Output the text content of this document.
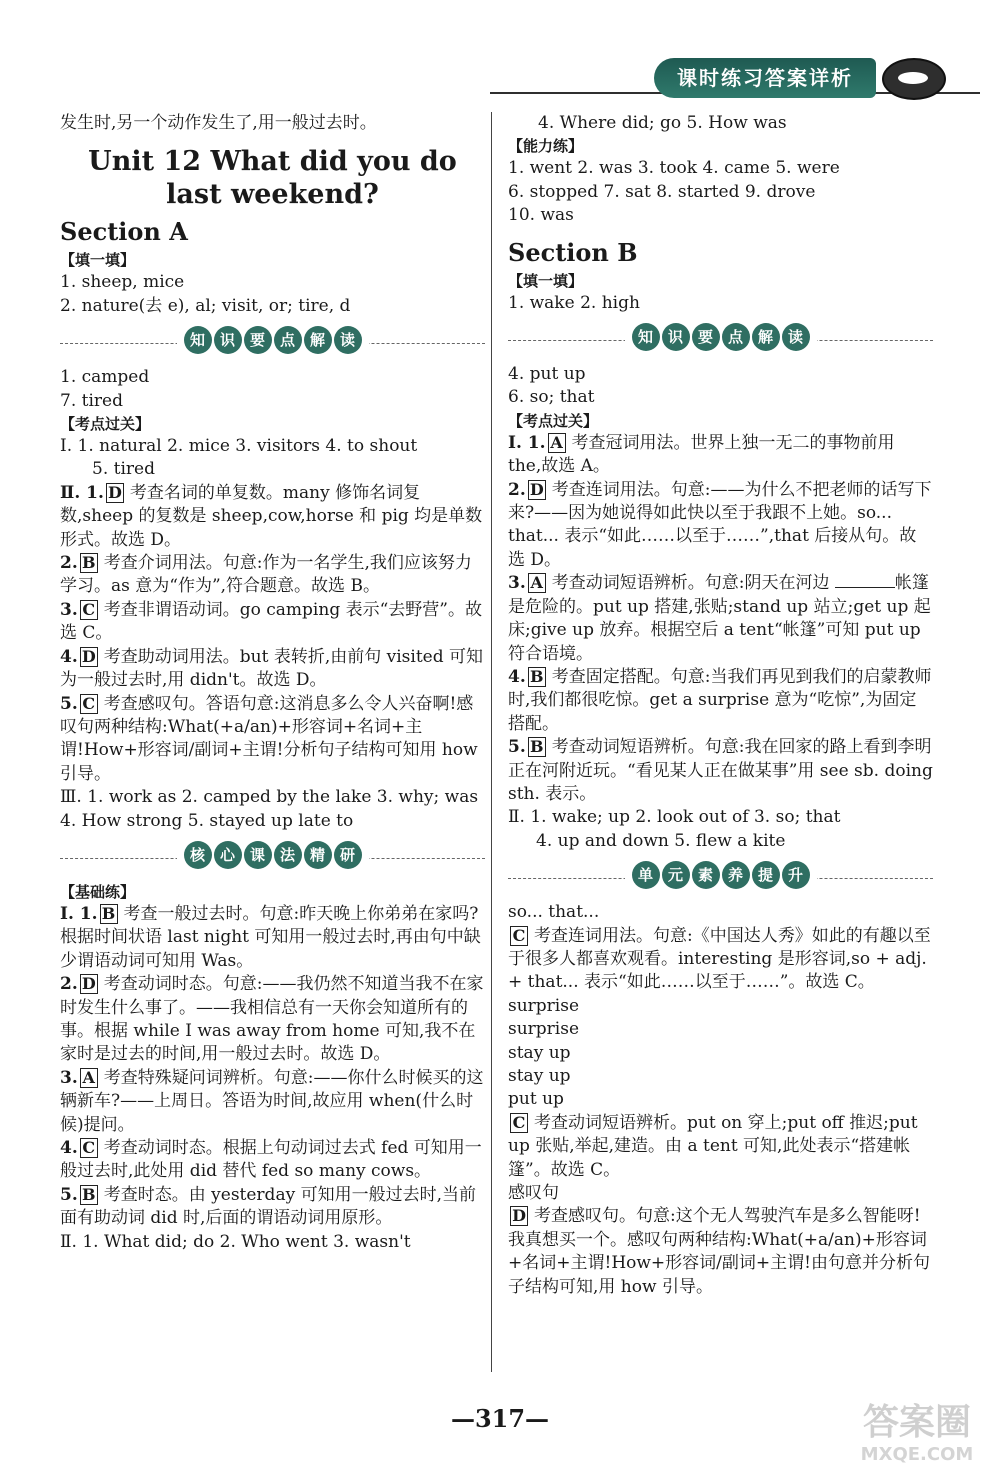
课时练习答案详析
发生时,另一个动作发生了,用一般过去时。
Unit 12 What did you do last weekend?
Section A
【填一填】
1. sheep, mice
2. nature(去 e), al; visit, or; tire, d
知 识 要 点 解 读
1. camped
7. tired
【考点过关】
Ⅰ. 1. natural 2. mice 3. visitors 4. to shout
5. tired
Ⅱ. 1. D 考查名词的单复数。many 修饰名词复数,sheep 的复数是 sheep,cow,horse 和 pig 均是单数形式。故选 D。
2. B 考查介词用法。句意:作为一名学生,我们应该努力学习。as 意为“作为”,符合题意。故选 B。
3. C 考查非谓语动词。go camping 表示“去野营”。故选 C。
4. D 考查助动词用法。but 表转折,由前句 visited 可知为一般过去时,用 didn't。故选 D。
5. C 考查感叹句。答语句意:这消息多么令人兴奋啊!感叹句两种结构:What(+a/an)+形容词+名词+主谓!How+形容词/副词+主谓!分析句子结构可知用 how 引导。
Ⅲ. 1. work as 2. camped by the lake 3. why; was 4. How strong 5. stayed up late to
核 心 课 法 精 研
【基础练】
Ⅰ. 1. B 考查一般过去时。句意:昨天晚上你弟弟在家吗?根据时间状语 last night 可知用一般过去时,再由句中缺少谓语动词可知用 Was。
2. D 考查动词时态。句意:——我仍然不知道当我不在家时发生什么事了。——我相信总有一天你会知道所有的事。根据 while I was away from home 可知,我不在家时是过去的时间,用一般过去时。故选 D。
3. A 考查特殊疑问词辨析。句意:——你什么时候买的这辆新车?——上周日。答语为时间,故应用 when(什么时候)提问。
4. C 考查动词时态。根据上句动词过去式 fed 可知用一般过去时,此处用 did 替代 fed so many cows。
5. B 考查时态。由 yesterday 可知用一般过去时,当前面有助动词 did 时,后面的谓语动词用原形。
Ⅱ. 1. What did; do 2. Who went 3. wasn't
4. Where did; go 5. How was
【能力练】
1. went 2. was 3. took 4. came 5. were
6. stopped 7. sat 8. started 9. drove
10. was
Section B
【填一填】
1. wake 2. high
知 识 要 点 解 读
4. put up
6. so; that
【考点过关】
Ⅰ. 1. A 考查冠词用法。世界上独一无二的事物前用 the,故选 A。
2. D 考查连词用法。句意:——为什么不把老师的话写下来?——因为她说得如此快以至于我跟不上她。so... that... 表示“如此……以至于……”,that 后接从句。故选 D。
3. A 考查动词短语辨析。句意:阴天在河边	帐篷是危险的。put up 搭建,张贴;stand up 站立;get up 起床;give up 放弃。根据空后 a tent“帐篷”可知 put up 符合语境。
4. B 考查固定搭配。句意:当我们再见到我们的启蒙教师时,我们都很吃惊。get a surprise 意为“吃惊”,为固定搭配。
5. B 考查动词短语辨析。句意:我在回家的路上看到李明正在河附近玩。“看见某人正在做某事”用 see sb. doing sth. 表示。
Ⅱ. 1. wake; up 2. look out of 3. so; that
4. up and down 5. flew a kite
单 元 素 养 提 升
so... that...
C 考查连词用法。句意:《中国达人秀》如此的有趣以至于很多人都喜欢观看。interesting 是形容词,so + adj. + that... 表示“如此……以至于……”。故选 C。
surprise
surprise
stay up
stay up
put up
C 考查动词短语辨析。put on 穿上;put off 推迟;put up 张贴,举起,建造。由 a tent 可知,此处表示“搭建帐篷”。故选 C。
感叹句
D 考查感叹句。句意:这个无人驾驶汽车是多么智能呀!我真想买一个。感叹句两种结构:What(+a/an)+形容词+名词+主谓!How+形容词/副词+主谓!由句意并分析句子结构可知,用 how 引导。
—317—	答案圈
MXQE.COM
